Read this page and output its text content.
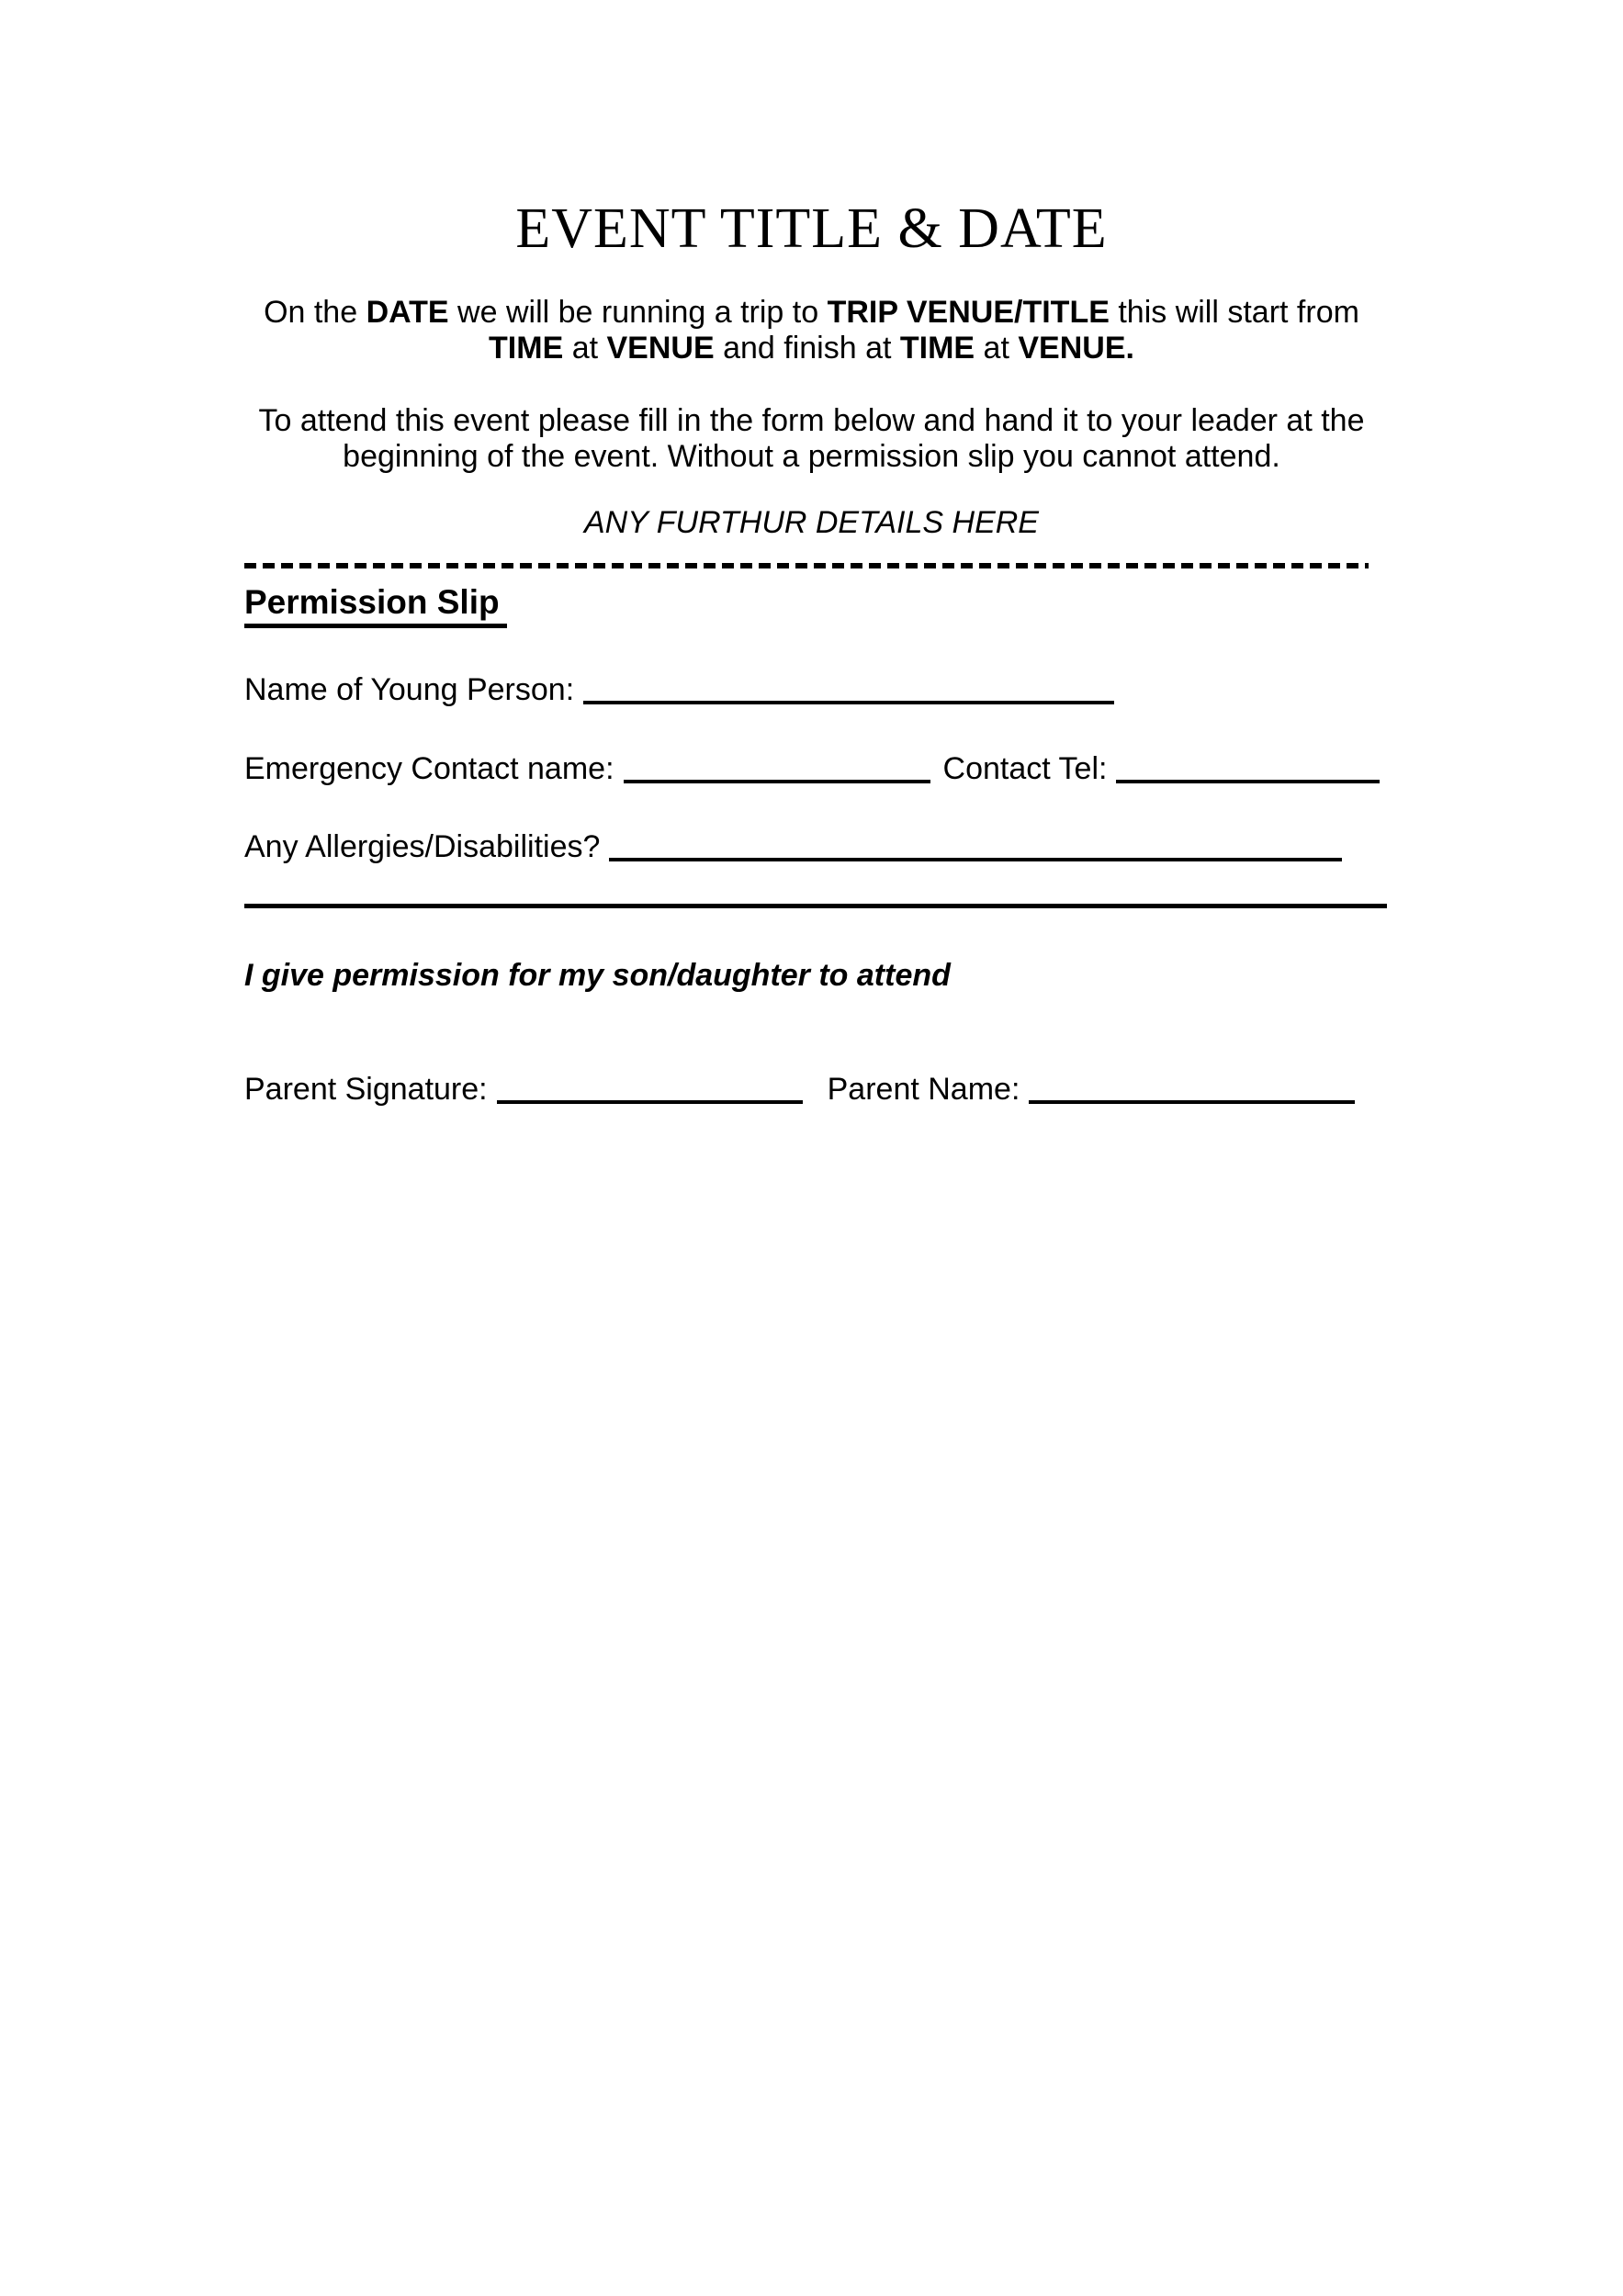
EVENT TITLE & DATE

On the DATE we will be running a trip to TRIP VENUE/TITLE this will start from
TIME at VENUE and finish at TIME at VENUE.

To attend this event please fill in the form below and hand it to your leader at the
beginning of the event. Without a permission slip you cannot attend.

ANY FURTHUR DETAILS HERE
Permission Slip
Name of Young Person:
Emergency Contact name:	Contact Tel:
Any Allergies/Disabilities?
I give permission for my son/daughter to attend
Parent Signature:	Parent Name:
